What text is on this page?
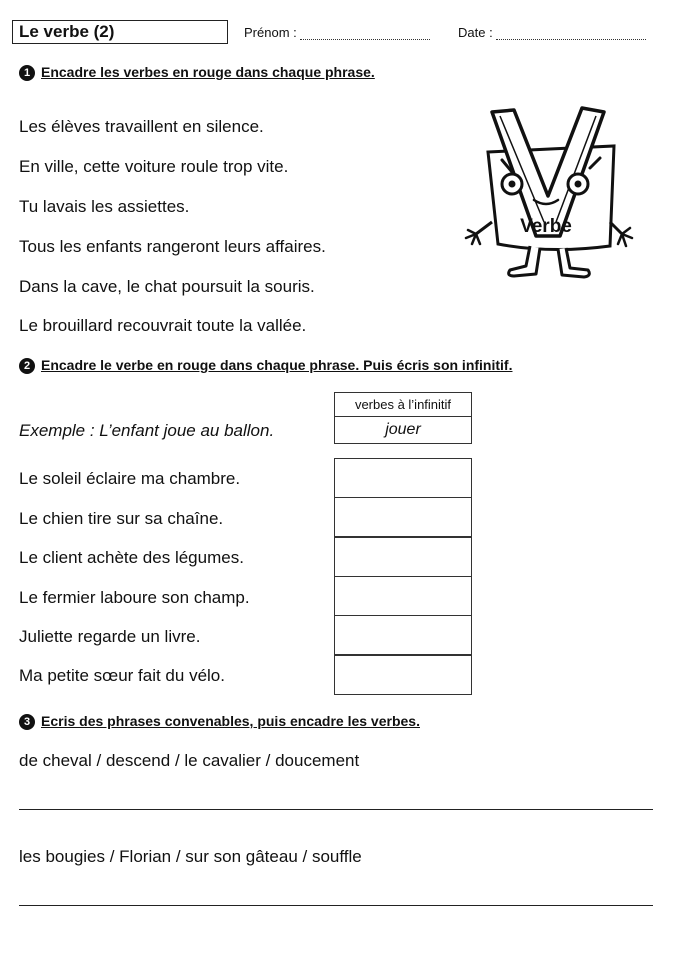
Le verbe (2)	Prénom :	Date :
1 Encadre les verbes en rouge dans chaque phrase.
Les élèves travaillent en silence.
En ville, cette voiture roule trop vite.
Tu lavais les assiettes.
Tous les enfants rangeront leurs affaires.
Dans la cave, le chat poursuit la souris.
Le brouillard recouvrait toute la vallée.
Verbe
2 Encadre le verbe en rouge dans chaque phrase. Puis écris son infinitif.
verbes à l’infinitif
Exemple : L’enfant joue au ballon.	jouer
Le soleil éclaire ma chambre.
Le chien tire sur sa chaîne.
Le client achète des légumes.
Le fermier laboure son champ.
Juliette regarde un livre.
Ma petite sœur fait du vélo.
3 Ecris des phrases convenables, puis encadre les verbes.
de cheval / descend / le cavalier / doucement
les bougies / Florian / sur son gâteau / souffle
